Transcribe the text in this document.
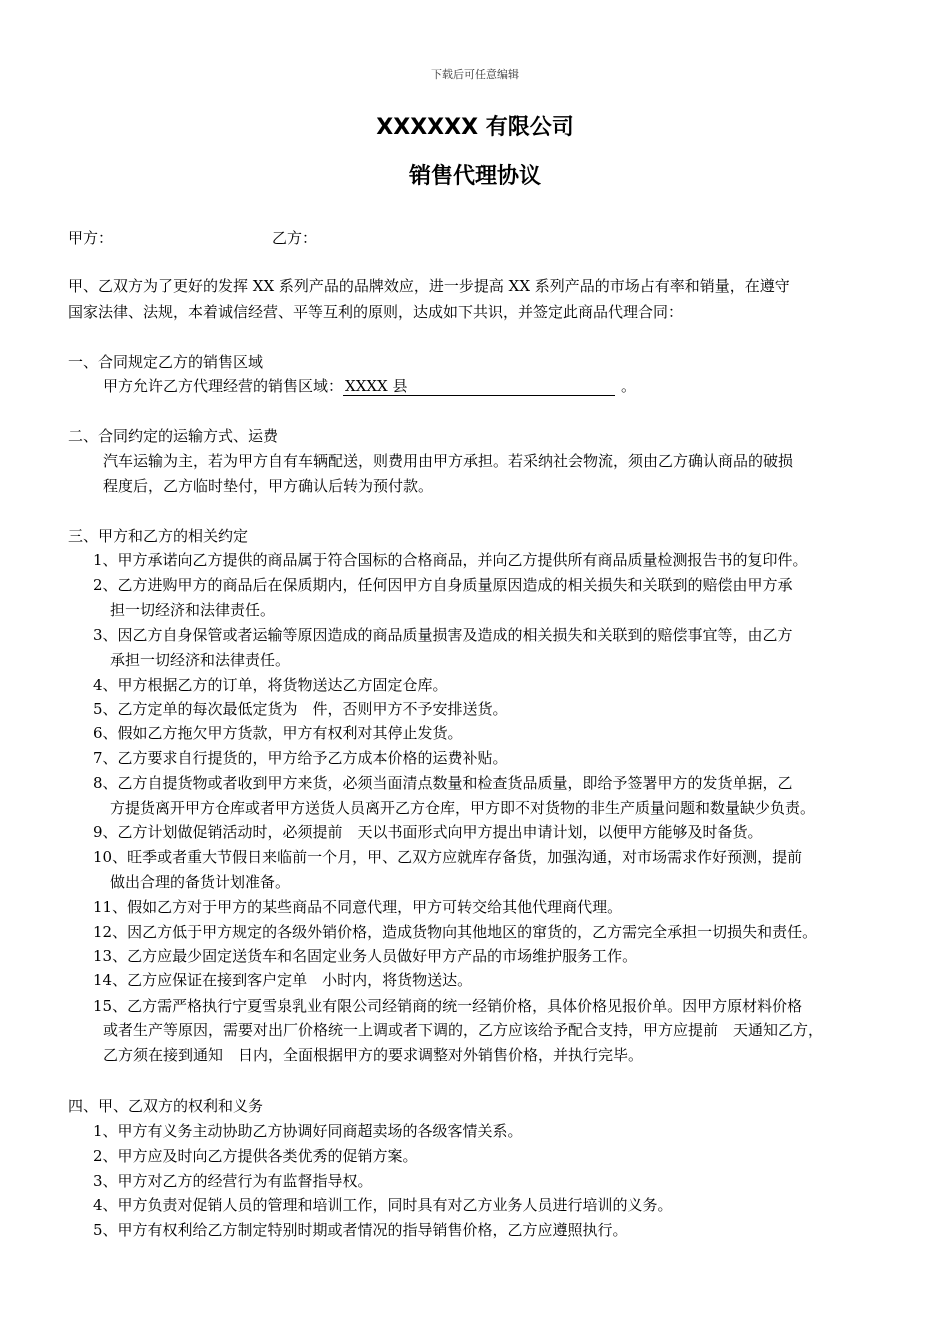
下载后可任意编辑
XXXXXX 有限公司
销售代理协议
甲方：	乙方：
甲、乙双方为了更好的发挥 XX 系列产品的品牌效应，进一步提高 XX 系列产品的市场占有率和销量，在遵守
国家法律、法规，本着诚信经营、平等互利的原则，达成如下共识，并签定此商品代理合同：
一、合同规定乙方的销售区域
甲方允许乙方代理经营的销售区域： XXXX 县	。
二、合同约定的运输方式、运费
汽车运输为主，若为甲方自有车辆配送，则费用由甲方承担。若采纳社会物流，须由乙方确认商品的破损
程度后，乙方临时垫付，甲方确认后转为预付款。
三、甲方和乙方的相关约定
1、甲方承诺向乙方提供的商品属于符合国标的合格商品，并向乙方提供所有商品质量检测报告书的复印件。
2、乙方进购甲方的商品后在保质期内，任何因甲方自身质量原因造成的相关损失和关联到的赔偿由甲方承
担一切经济和法律责任。
3、因乙方自身保管或者运输等原因造成的商品质量损害及造成的相关损失和关联到的赔偿事宜等，由乙方
承担一切经济和法律责任。
4、甲方根据乙方的订单，将货物送达乙方固定仓库。
5、乙方定单的每次最低定货为　件，否则甲方不予安排送货。
6、假如乙方拖欠甲方货款，甲方有权利对其停止发货。
7、乙方要求自行提货的，甲方给予乙方成本价格的运费补贴。
8、乙方自提货物或者收到甲方来货，必须当面清点数量和检查货品质量，即给予签署甲方的发货单据，乙
方提货离开甲方仓库或者甲方送货人员离开乙方仓库，甲方即不对货物的非生产质量问题和数量缺少负责。
9、乙方计划做促销活动时，必须提前　天以书面形式向甲方提出申请计划，以便甲方能够及时备货。
10、旺季或者重大节假日来临前一个月，甲、乙双方应就库存备货，加强沟通，对市场需求作好预测，提前
做出合理的备货计划准备。
11、假如乙方对于甲方的某些商品不同意代理，甲方可转交给其他代理商代理。
12、因乙方低于甲方规定的各级外销价格，造成货物向其他地区的窜货的，乙方需完全承担一切损失和责任。
13、乙方应最少固定送货车和名固定业务人员做好甲方产品的市场维护服务工作。
14、乙方应保证在接到客户定单　小时内，将货物送达。
15、乙方需严格执行宁夏雪泉乳业有限公司经销商的统一经销价格，具体价格见报价单。因甲方原材料价格
或者生产等原因，需要对出厂价格统一上调或者下调的，乙方应该给予配合支持，甲方应提前　天通知乙方，
乙方须在接到通知　日内，全面根据甲方的要求调整对外销售价格，并执行完毕。
四、甲、乙双方的权利和义务
1、甲方有义务主动协助乙方协调好同商超卖场的各级客情关系。
2、甲方应及时向乙方提供各类优秀的促销方案。
3、甲方对乙方的经营行为有监督指导权。
4、甲方负责对促销人员的管理和培训工作，同时具有对乙方业务人员进行培训的义务。
5、甲方有权利给乙方制定特别时期或者情况的指导销售价格，乙方应遵照执行。
